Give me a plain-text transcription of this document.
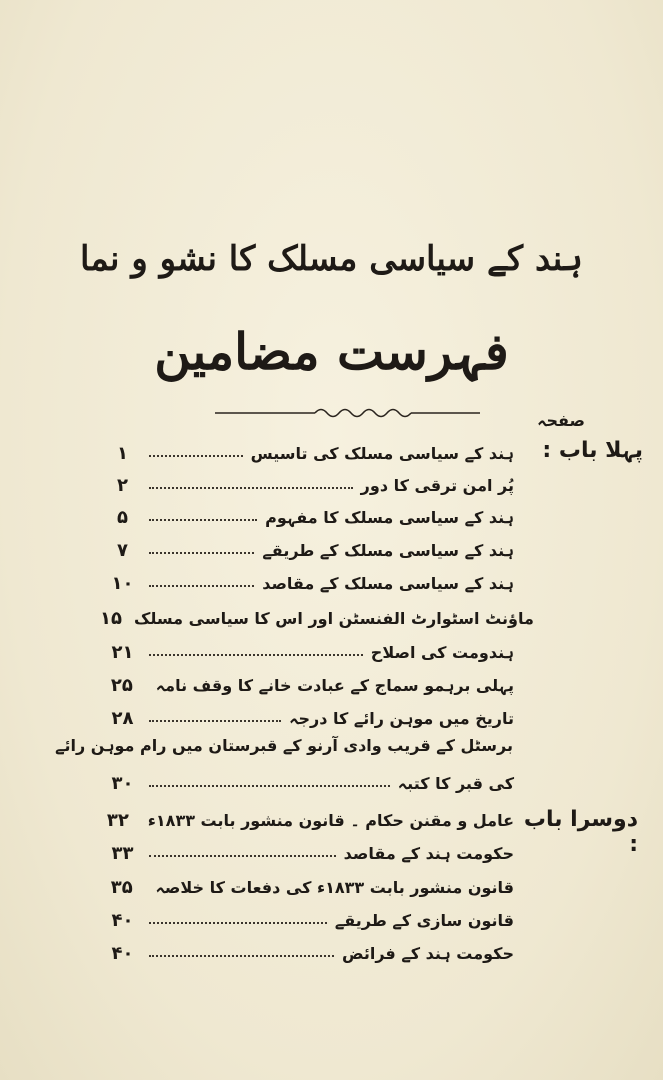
ہند کے سیاسی مسلک کا نشو و نما
فہرست مضامین
صفحہ
پہلا باب :
۱	ہند کے سیاسی مسلک کی تاسیس
۲	پُر امن ترقی کا دور
۵	ہند کے سیاسی مسلک کا مفہوم
۷	ہند کے سیاسی مسلک کے طریقے
۱۰	ہند کے سیاسی مسلک کے مقاصد
۱۵ ماؤنٹ اسٹوارٹ الفنسٹن اور اس کا سیاسی مسلک
۲۱	ہندومت کی اصلاح
۲۵	پہلی برہمو سماج کے عبادت خانے کا وقف نامہ
۲۸	تاریخ میں موہن رائے کا درجہ
برسٹل کے قریب وادی آرنو کے قبرستان میں رام موہن رائے
۳۰	کی قبر کا کتبہ
دوسرا باب :
۳۲	عامل و مقنن حکام ۔ قانون منشور بابت ۱۸۳۳ء
۳۳	حکومت ہند کے مقاصد
۳۵	قانون منشور بابت ۱۸۳۳ء کی دفعات کا خلاصہ
۴۰	قانون سازی کے طریقے
۴۰	حکومت ہند کے فرائض
